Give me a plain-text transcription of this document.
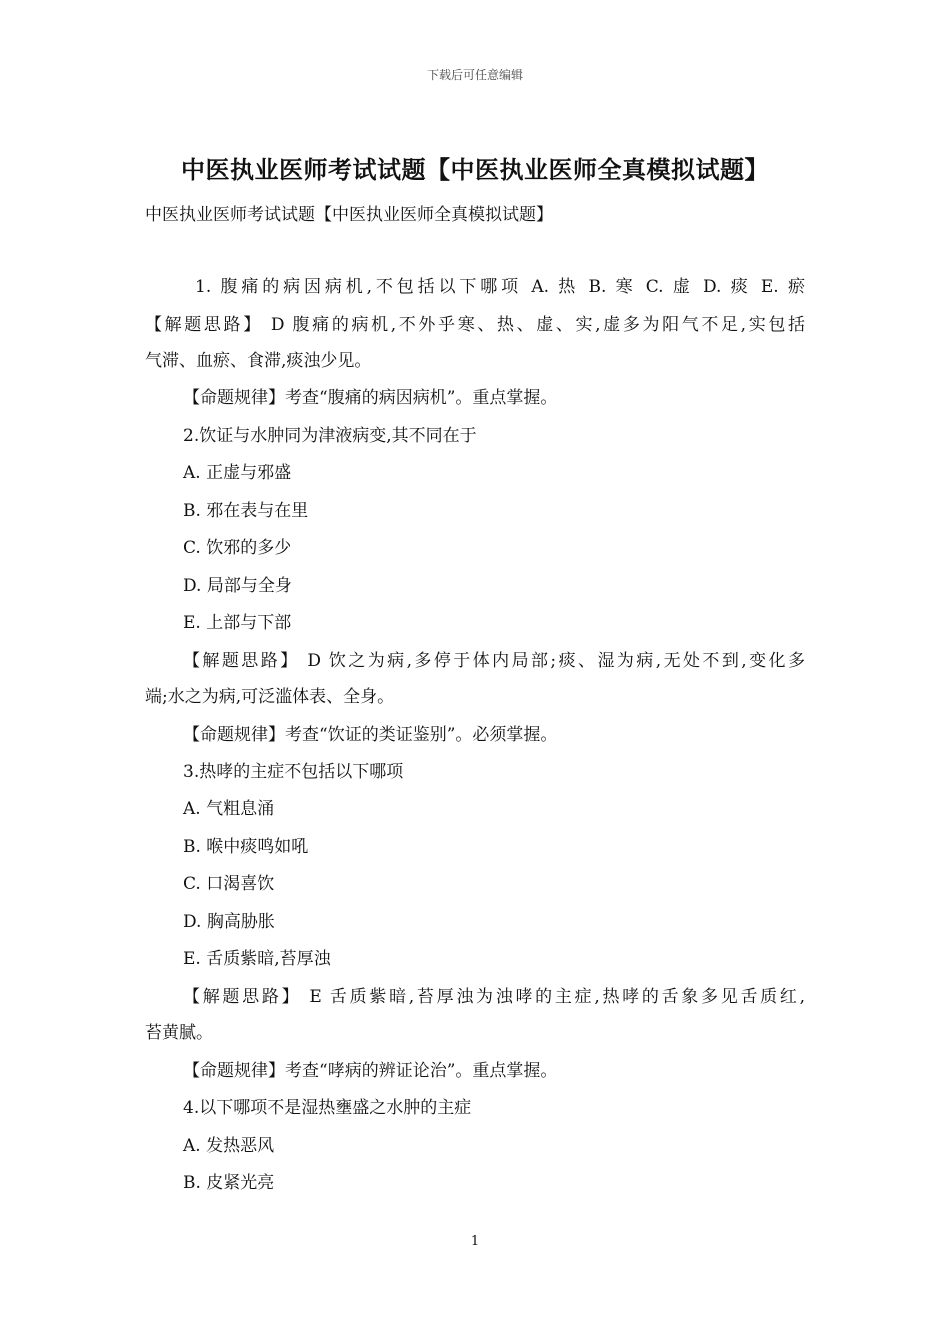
下载后可任意编辑
中医执业医师考试试题【中医执业医师全真模拟试题】
中医执业医师考试试题【中医执业医师全真模拟试题】
1. 腹痛的病因病机,不包括以下哪项 A. 热 B. 寒 C. 虚 D. 痰 E. 瘀
【解题思路】 D 腹痛的病机,不外乎寒、热、虚、实,虚多为阳气不足,实包括
气滞、血瘀、食滞,痰浊少见。
【命题规律】考查“腹痛的病因病机”。重点掌握。
2.饮证与水肿同为津液病变,其不同在于
A. 正虚与邪盛
B. 邪在表与在里
C. 饮邪的多少
D. 局部与全身
E. 上部与下部
【解题思路】 D 饮之为病,多停于体内局部;痰、湿为病,无处不到,变化多
端;水之为病,可泛滥体表、全身。
【命题规律】考查“饮证的类证鉴别”。必须掌握。
3.热哮的主症不包括以下哪项
A. 气粗息涌
B. 喉中痰鸣如吼
C. 口渴喜饮
D. 胸高胁胀
E. 舌质紫暗,苔厚浊
【解题思路】 E 舌质紫暗,苔厚浊为浊哮的主症,热哮的舌象多见舌质红,
苔黄腻。
【命题规律】考查“哮病的辨证论治”。重点掌握。
4.以下哪项不是湿热壅盛之水肿的主症
A. 发热恶风
B. 皮紧光亮
1
